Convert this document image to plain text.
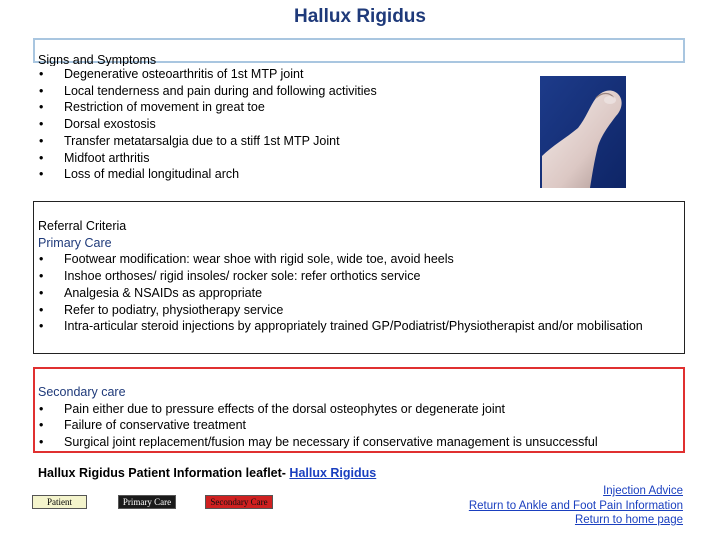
Hallux Rigidus
Signs and Symptoms
• Degenerative osteoarthritis of 1st MTP joint
• Local tenderness and pain during and following activities
• Restriction of movement in great toe
• Dorsal exostosis
• Transfer metatarsalgia due to a stiff 1st MTP Joint
• Midfoot arthritis
• Loss of medial longitudinal arch
Referral Criteria
Primary Care
• Footwear modification: wear shoe with rigid sole, wide toe, avoid heels
• Inshoe orthoses/ rigid insoles/ rocker sole: refer orthotics service
• Analgesia & NSAIDs as appropriate
• Refer to podiatry, physiotherapy service
• Intra-articular steroid injections by appropriately trained GP/Podiatrist/Physiotherapist and/or mobilisation
Secondary care
• Pain either due to pressure effects of the dorsal osteophytes or degenerate joint
• Failure of conservative treatment
• Surgical joint replacement/fusion may be necessary if conservative management is unsuccessful
Hallux Rigidus Patient Information leaflet- Hallux Rigidus
Patient	Primary Care	Secondary Care
Injection Advice
Return to Ankle and Foot Pain Information
Return to home page
